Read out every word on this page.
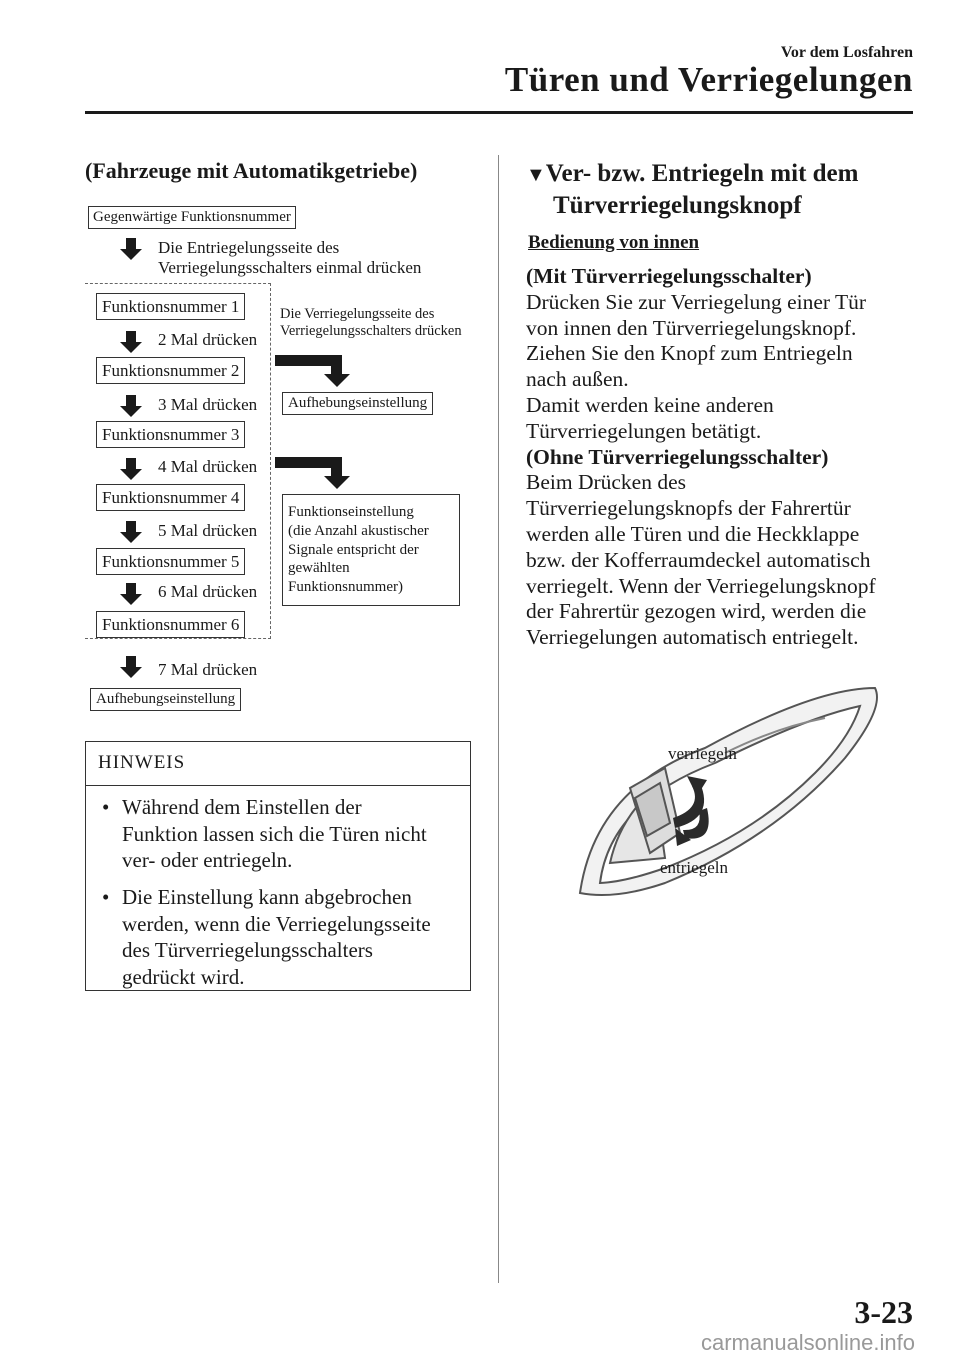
Vor dem Losfahren
Türen und Verriegelungen
(Fahrzeuge mit Automatikgetriebe)
Gegenwärtige Funktionsnummer
Die Entriegelungsseite des
Verriegelungsschalters einmal drücken
Funktionsnummer 1
2 Mal drücken
Funktionsnummer 2
3 Mal drücken
Funktionsnummer 3
4 Mal drücken
Funktionsnummer 4
5 Mal drücken
Funktionsnummer 5
6 Mal drücken
Funktionsnummer 6
7 Mal drücken
Aufhebungseinstellung
Die Verriegelungsseite des
Verriegelungsschalters drücken
Aufhebungseinstellung
Funktionseinstellung
(die Anzahl akustischer
Signale entspricht der
gewählten
Funktionsnummer)
HINWEIS
• Während dem Einstellen der
Funktion lassen sich die Türen nicht
ver- oder entriegeln.
• Die Einstellung kann abgebrochen
werden, wenn die Verriegelungsseite
des Türverriegelungsschalters
gedrückt wird.
▼Ver- bzw. Entriegeln mit dem
Türverriegelungsknopf
Bedienung von innen
(Mit Türverriegelungsschalter)
Drücken Sie zur Verriegelung einer Tür
von innen den Türverriegelungsknopf.
Ziehen Sie den Knopf zum Entriegeln
nach außen.
Damit werden keine anderen
Türverriegelungen betätigt.
(Ohne Türverriegelungsschalter)
Beim Drücken des
Türverriegelungsknopfs der Fahrertür
werden alle Türen und die Heckklappe
bzw. der Kofferraumdeckel automatisch
verriegelt. Wenn der Verriegelungsknopf
der Fahrertür gezogen wird, werden die
Verriegelungen automatisch entriegelt.
verriegeln
entriegeln
3-23
carmanualsonline.info
